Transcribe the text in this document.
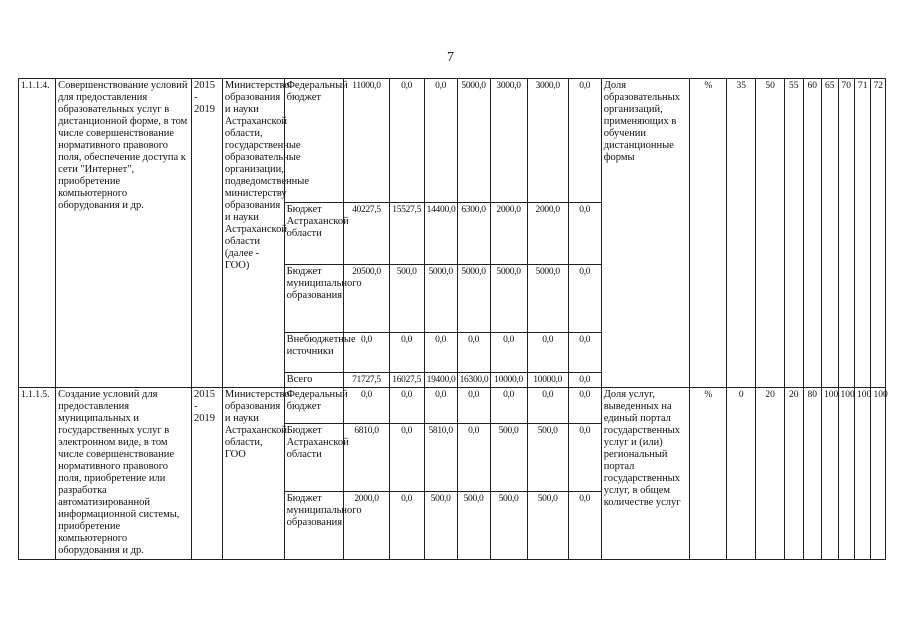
7
1.1.1.4.	Совершенствование условий для предоставления образовательных услуг в дистанционной форме, в том числе совершенствование нормативного правового поля, обеспечение доступа к сети "Интернет", приобретение компьютерного оборудования и др.	2015 - 2019	Министерство образования и науки Астраханской области, государственные образовательные организации, подведомственные министерству образования и науки Астраханской области (далее - ГОО)	Федеральный бюджет	11000,0	0,0	0,0	5000,0	3000,0	3000,0	0,0	Доля образовательных организаций, применяющих в обучении дистанционные формы	%	35	50	55	60	65	70	71	72
				Бюджет Астраханской области	40227,5	15527,5	14400,0	6300,0	2000,0	2000,0	0,0										
				Бюджет муниципального образования	20500,0	500,0	5000,0	5000,0	5000,0	5000,0	0,0										
				Внебюджетные источники	0,0	0,0	0,0	0,0	0,0	0,0	0,0										
				Всего	71727,5	16027,5	19400,0	16300,0	10000,0	10000,0	0,0										
1.1.1.5.	Создание условий для предоставления муниципальных и государственных услуг в электронном виде, в том числе совершенствование нормативного правового поля, приобретение или разработка автоматизированной информационной системы, приобретение компьютерного оборудования и др.	2015 - 2019	Министерство образования и науки Астраханской области, ГОО	Федеральный бюджет	0,0	0,0	0,0	0,0	0,0	0,0	0,0	Доля услуг, выведенных на единый портал государственных услуг и (или) региональный портал государственных услуг, в общем количестве услуг	%	0	20	20	80	100	100	100	100
				Бюджет Астраханской области	6810,0	0,0	5810,0	0,0	500,0	500,0	0,0										
				Бюджет муниципального образования	2000,0	0,0	500,0	500,0	500,0	500,0	0,0										
